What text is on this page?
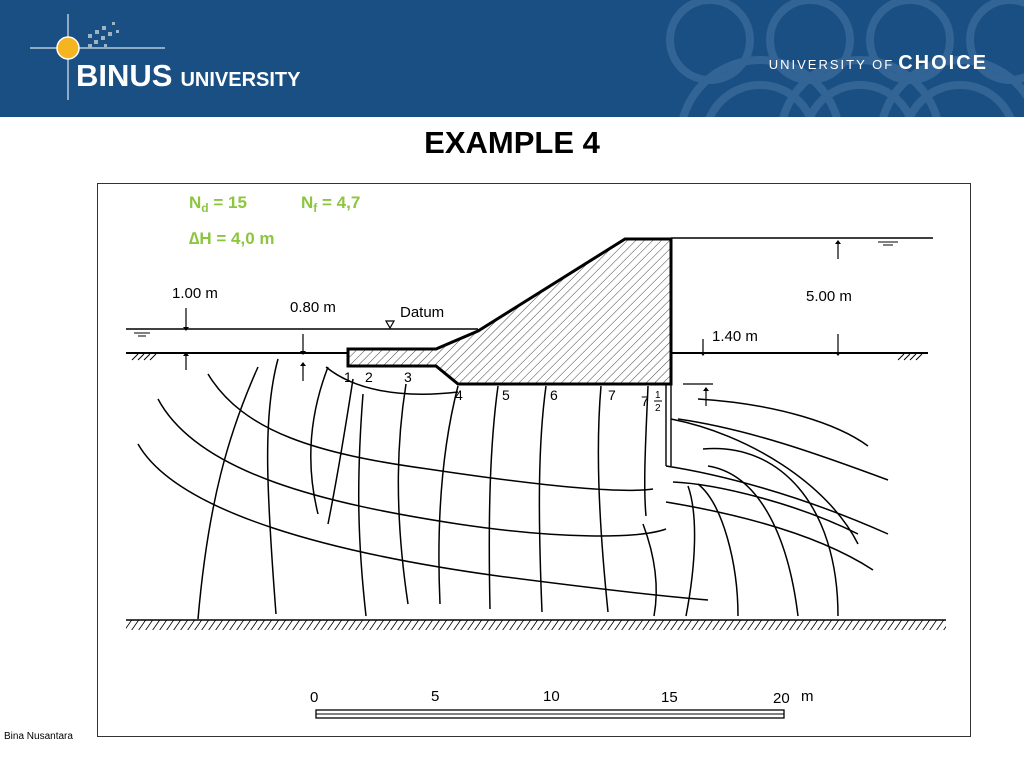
BINUS UNIVERSITY
UNIVERSITY OF CHOICE
EXAMPLE 4
$N_d = 15$	$N_f = 4,7$
∆H = 4,0 m
1.00 m
0.80 m	Datum
5.00 m
1.40 m
1 2 3
4	5	6	7 7 1
2
0	5	10	15	20 m
Bina Nusantara
